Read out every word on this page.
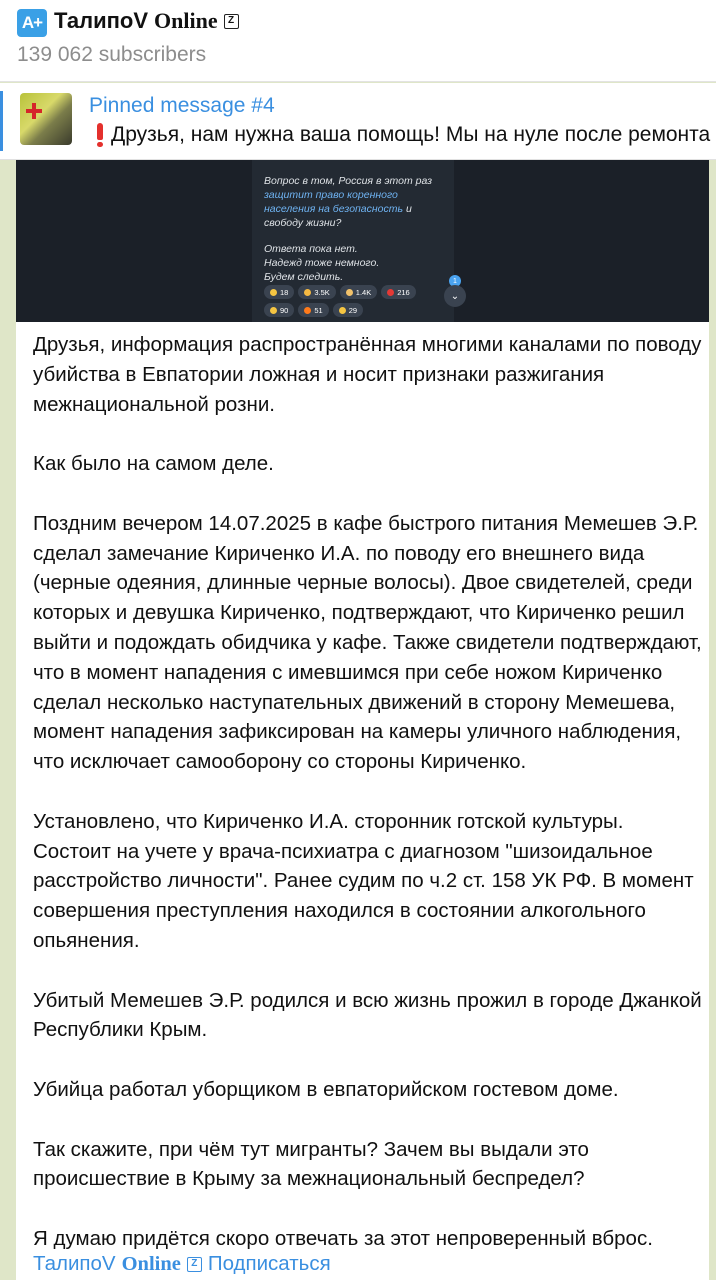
A+ ТалипоV Online	Z
139 062 subscribers
Pinned message #4
Друзья, нам нужна ваша помощь! Мы на нуле после ремонта

Вопрос в том, Россия в этот раз защитит право коренного населения на безопасность и свободу жизни?

Ответа пока нет.
Надежд тоже немного.
Будем следить.
18	3.5K	1.4K	216
90	51	29
1
⌄

Друзья, информация распространённая многими каналами по поводу убийства в Евпатории ложная и носит признаки разжигания межнациональной розни.

Как было на самом деле.

Поздним вечером 14.07.2025 в кафе быстрого питания Мемешев Э.Р. сделал замечание Кириченко И.А. по поводу его внешнего вида (черные одеяния, длинные черные волосы). Двое свидетелей, среди которых и девушка Кириченко, подтверждают, что Кириченко решил выйти и подождать обидчика у кафе. Также свидетели подтверждают, что в момент нападения с имевшимся при себе ножом Кириченко сделал несколько наступательных движений в сторону Мемешева, момент нападения зафиксирован на камеры уличного наблюдения, что исключает самооборону со стороны Кириченко.

Установлено, что Кириченко И.А. сторонник готской культуры. Состоит на учете у врача-психиатра с диагнозом "шизоидальное расстройство личности". Ранее судим по ч.2 ст. 158 УК РФ. В момент совершения преступления находился в состоянии алкогольного опьянения.

Убитый Мемешев Э.Р. родился и всю жизнь прожил в городе Джанкой Республики Крым.

Убийца работал уборщиком в евпаторийском гостевом доме.

Так скажите, при чём тут мигранты? Зачем вы выдали это происшествие в Крыму за межнациональный беспредел?

Я думаю придётся скоро отвечать за этот непроверенный вброс.

ТалипоV Online	Z Подписаться
